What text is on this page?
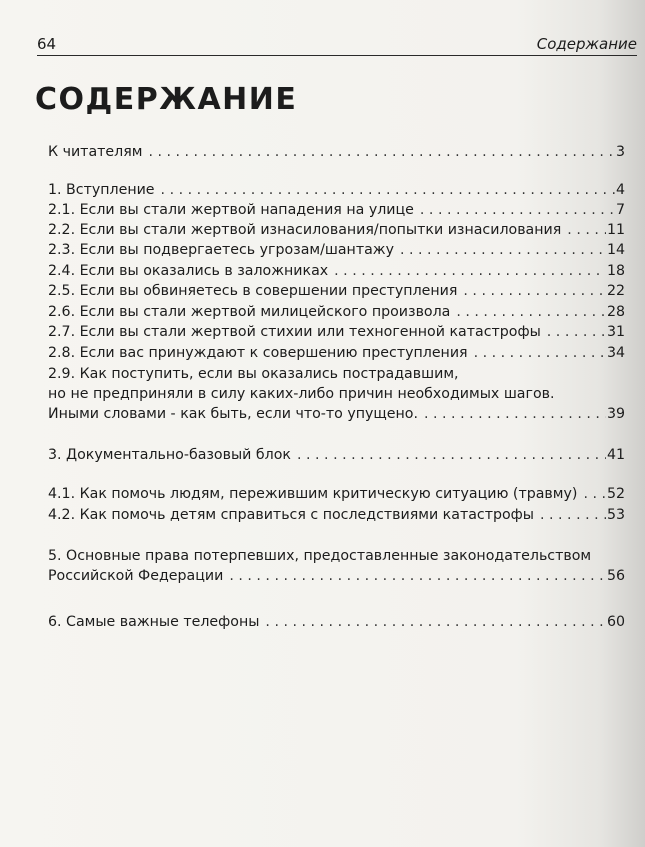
64	Содержание
СОДЕРЖАНИЕ
К читателям . . .	3
1. Вступление . . .	4
2.1. Если вы стали жертвой нападения на улице . . .	7
2.2. Если вы стали жертвой изнасилования/попытки изнасилования . . .	11
2.3. Если вы подвергаетесь угрозам/шантажу . . .	14
2.4. Если вы оказались в заложниках . . .	18
2.5. Если вы обвиняетесь в совершении преступления . . .	22
2.6. Если вы стали жертвой милицейского произвола . . .	28
2.7. Если вы стали жертвой стихии или техногенной катастрофы . . .	31
2.8. Если вас принуждают к совершению преступления . . .	34
2.9. Как поступить, если вы оказались пострадавшим,
но не предприняли в силу каких-либо причин необходимых шагов.
Иными словами - как быть, если что-то упущено. . . .	39
3. Документально-базовый блок . . .	41
4.1. Как помочь людям, пережившим критическую ситуацию (травму) . . . 52
4.2. Как помочь детям справиться с последствиями катастрофы . . .	53
5. Основные права потерпевших, предоставленные законодательством
Российской Федерации . . .	56
6. Самые важные телефоны . . .	60
